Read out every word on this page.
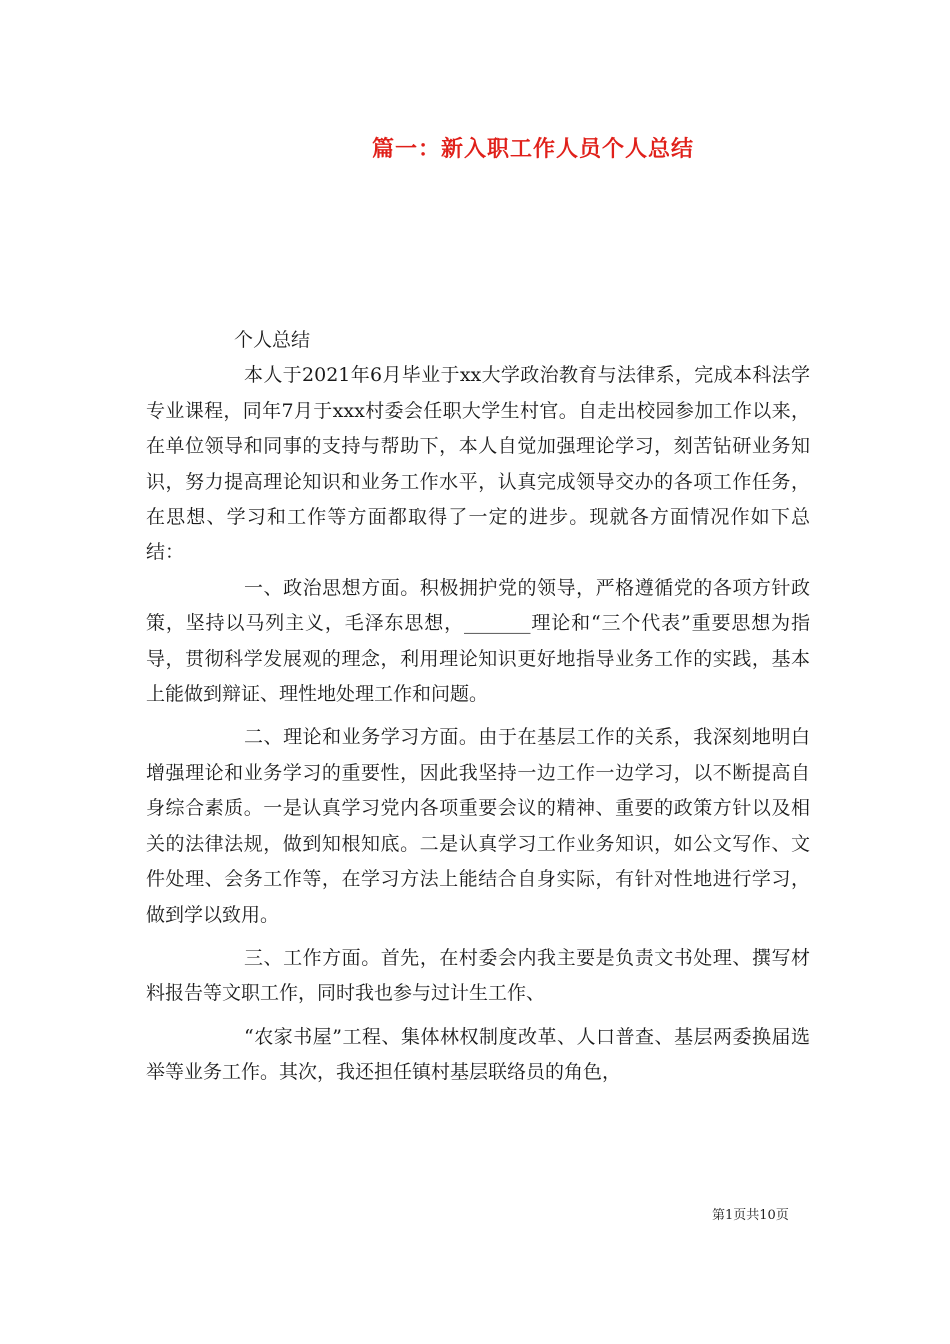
篇一：新入职工作人员个人总结

个人总结

本人于2021年6月毕业于xx大学政治教育与法律系，完成本科法学专业课程，同年7月于xxx村委会任职大学生村官。自走出校园参加工作以来，在单位领导和同事的支持与帮助下，本人自觉加强理论学习，刻苦钻研业务知识，努力提高理论知识和业务工作水平，认真完成领导交办的各项工作任务，在思想、学习和工作等方面都取得了一定的进步。现就各方面情况作如下总结：

一、政治思想方面。积极拥护党的领导，严格遵循党的各项方针政策，坚持以马列主义，毛泽东思想，_______理论和“三个代表”重要思想为指导，贯彻科学发展观的理念，利用理论知识更好地指导业务工作的实践，基本上能做到辩证、理性地处理工作和问题。

二、理论和业务学习方面。由于在基层工作的关系，我深刻地明白增强理论和业务学习的重要性，因此我坚持一边工作一边学习，以不断提高自身综合素质。一是认真学习党内各项重要会议的精神、重要的政策方针以及相关的法律法规，做到知根知底。二是认真学习工作业务知识，如公文写作、文件处理、会务工作等，在学习方法上能结合自身实际，有针对性地进行学习，做到学以致用。

三、工作方面。首先，在村委会内我主要是负责文书处理、撰写材料报告等文职工作，同时我也参与过计生工作、

“农家书屋”工程、集体林权制度改革、人口普查、基层两委换届选举等业务工作。其次，我还担任镇村基层联络员的角色，

第1页共10页
